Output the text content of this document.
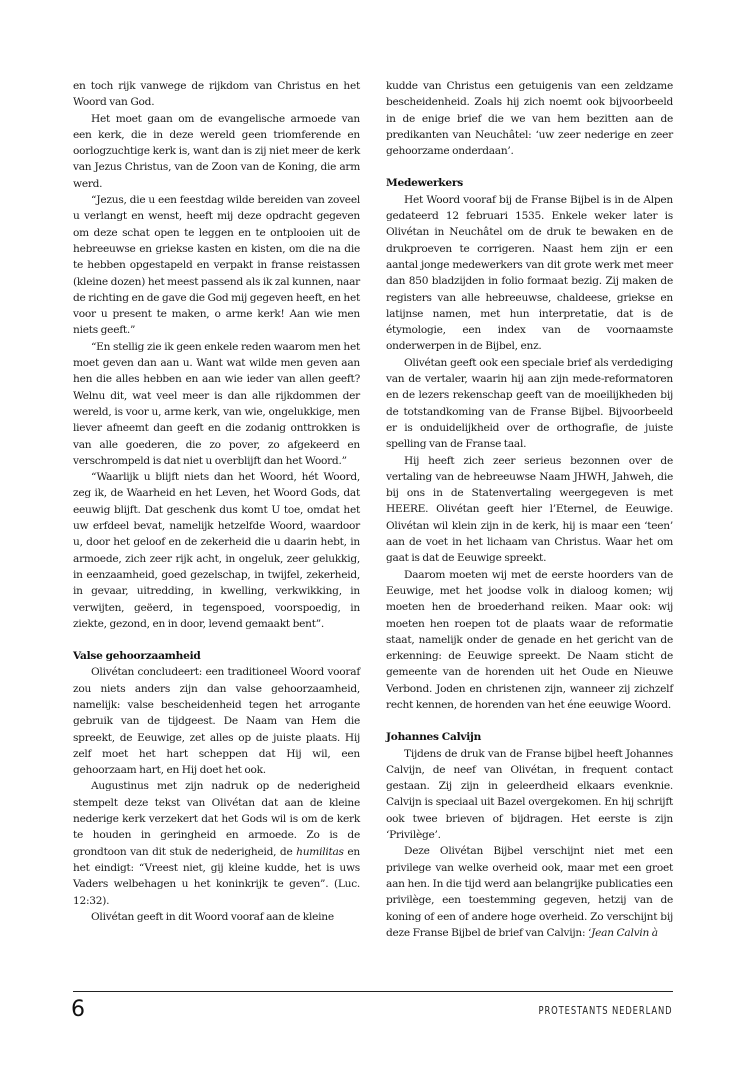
en toch rijk vanwege de rijkdom van Christus en het Woord van God.

Het moet gaan om de evangelische armoede van een kerk, die in deze wereld geen triomferende en oorlogzuchtige kerk is, want dan is zij niet meer de kerk van Jezus Christus, van de Zoon van de Koning, die arm werd.

“Jezus, die u een feestdag wilde bereiden van zoveel u verlangt en wenst, heeft mij deze opdracht gegeven om deze schat open te leggen en te ontplooien uit de hebreeuwse en griekse kasten en kisten, om die na die te hebben opgestapeld en verpakt in franse reistassen (kleine dozen) het meest passend als ik zal kunnen, naar de richting en de gave die God mij gegeven heeft, en het voor u present te maken, o arme kerk! Aan wie men niets geeft.”

“En stellig zie ik geen enkele reden waarom men het moet geven dan aan u. Want wat wilde men geven aan hen die alles hebben en aan wie ieder van allen geeft? Welnu dit, wat veel meer is dan alle rijkdommen der wereld, is voor u, arme kerk, van wie, ongelukkige, men liever afneemt dan geeft en die zodanig onttrokken is van alle goederen, die zo pover, zo afgekeerd en verschrompeld is dat niet u overblijft dan het Woord.”

“Waarlijk u blijft niets dan het Woord, hét Woord, zeg ik, de Waarheid en het Leven, het Woord Gods, dat eeuwig blijft. Dat geschenk dus komt U toe, omdat het uw erfdeel bevat, namelijk hetzelfde Woord, waardoor u, door het geloof en de zekerheid die u daarin hebt, in armoede, zich zeer rijk acht, in ongeluk, zeer gelukkig, in eenzaamheid, goed gezelschap, in twijfel, zekerheid, in gevaar, uitredding, in kwelling, verkwikking, in verwijten, geëerd, in tegenspoed, voorspoedig, in ziekte, gezond, en in door, levend gemaakt bent”.

Valse gehoorzaamheid

Olivétan concludeert: een traditioneel Woord vooraf zou niets anders zijn dan valse gehoorzaamheid, namelijk: valse bescheidenheid tegen het arrogante gebruik van de tijdgeest. De Naam van Hem die spreekt, de Eeuwige, zet alles op de juiste plaats. Hij zelf moet het hart scheppen dat Hij wil, een gehoorzaam hart, en Hij doet het ook.

Augustinus met zijn nadruk op de nederigheid stempelt deze tekst van Olivétan dat aan de kleine nederige kerk verzekert dat het Gods wil is om de kerk te houden in geringheid en armoede. Zo is de grondtoon van dit stuk de nederigheid, de humilitas en het eindigt: “Vreest niet, gij kleine kudde, het is uws Vaders welbehagen u het koninkrijk te geven”. (Luc. 12:32).

Olivétan geeft in dit Woord vooraf aan de kleine

kudde van Christus een getuigenis van een zeldzame bescheidenheid. Zoals hij zich noemt ook bijvoorbeeld in de enige brief die we van hem bezitten aan de predikanten van Neuchâtel: ‘uw zeer nederige en zeer gehoorzame onderdaan’.

Medewerkers

Het Woord vooraf bij de Franse Bijbel is in de Alpen gedateerd 12 februari 1535. Enkele weker later is Olivétan in Neuchâtel om de druk te bewaken en de drukproeven te corrigeren. Naast hem zijn er een aantal jonge medewerkers van dit grote werk met meer dan 850 bladzijden in folio formaat bezig. Zij maken de registers van alle hebreeuwse, chaldeese, griekse en latijnse namen, met hun interpretatie, dat is de étymologie, een index van de voornaamste onderwerpen in de Bijbel, enz.

Olivétan geeft ook een speciale brief als verdediging van de vertaler, waarin hij aan zijn mede-reformatoren en de lezers rekenschap geeft van de moeilijkheden bij de totstandkoming van de Franse Bijbel. Bijvoorbeeld er is onduidelijkheid over de orthografie, de juiste spelling van de Franse taal.

Hij heeft zich zeer serieus bezonnen over de vertaling van de hebreeuwse Naam JHWH, Jahweh, die bij ons in de Statenvertaling weergegeven is met HEERE. Olivétan geeft hier l’Eternel, de Eeuwige. Olivétan wil klein zijn in de kerk, hij is maar een ‘teen’ aan de voet in het lichaam van Christus. Waar het om gaat is dat de Eeuwige spreekt.

Daarom moeten wij met de eerste hoorders van de Eeuwige, met het joodse volk in dialoog komen; wij moeten hen de broederhand reiken. Maar ook: wij moeten hen roepen tot de plaats waar de reformatie staat, namelijk onder de genade en het gericht van de erkenning: de Eeuwige spreekt. De Naam sticht de gemeente van de horenden uit het Oude en Nieuwe Verbond. Joden en christenen zijn, wanneer zij zichzelf recht kennen, de horenden van het éne eeuwige Woord.

Johannes Calvijn

Tijdens de druk van de Franse bijbel heeft Johannes Calvijn, de neef van Olivétan, in frequent contact gestaan. Zij zijn in geleerdheid elkaars evenknie. Calvijn is speciaal uit Bazel overgekomen. En hij schrijft ook twee brieven of bijdragen. Het eerste is zijn ‘Privilège’.

Deze Olivétan Bijbel verschijnt niet met een privilege van welke overheid ook, maar met een groet aan hen. In die tijd werd aan belangrijke publicaties een privilège, een toestemming gegeven, hetzij van de koning of een of andere hoge overheid. Zo verschijnt bij deze Franse Bijbel de brief van Calvijn: ‘Jean Calvin à

6	PROTESTANTS NEDERLAND
